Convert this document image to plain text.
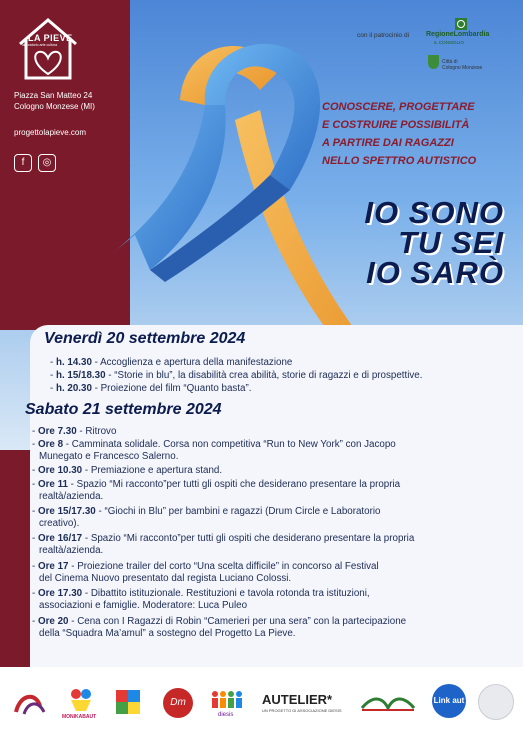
LA PIEVE
laboratorio arte cultura
Piazza San Matteo 24
Cologno Monzese (MI)
progettolapieve.com
f	◎
con il patrocinio di RegioneLombardia
IL CONSIGLIO
Città di
Cologno Monzese
CONOSCERE, PROGETTARE
E COSTRUIRE POSSIBILITÀ
A PARTIRE DAI RAGAZZI
NELLO SPETTRO AUTISTICO
IO SONO
TU SEI
IO SARÒ
Venerdì 20 settembre 2024
- h. 14.30 - Accoglienza e apertura della manifestazione
- h. 15/18.30 - “Storie in blu”, la disabilità crea abilità, storie di ragazzi e di prospettive.
- h. 20.30 - Proiezione del film “Quanto basta”.
Sabato 21 settembre 2024
- Ore 7.30 - Ritrovo
- Ore 8 - Camminata solidale. Corsa non competitiva “Run to New York” con Jacopo
Munegato e Francesco Salerno.
- Ore 10.30 - Premiazione e apertura stand.
- Ore 11 - Spazio “Mi racconto”per tutti gli ospiti che desiderano presentare la propria
realtà/azienda.
- Ore 15/17.30 - “Giochi in Blu” per bambini e ragazzi (Drum Circle e Laboratorio
creativo).
- Ore 16/17 - Spazio “Mi racconto”per tutti gli ospiti che desiderano presentare la propria
realtà/azienda.
- Ore 17 - Proiezione trailer del corto “Una scelta difficile” in concorso al Festival
del Cinema Nuovo presentato dal regista Luciano Colossi.
- Ore 17.30 - Dibattito istituzionale. Restituzioni e tavola rotonda tra istituzioni,
associazioni e famiglie. Moderatore: Luca Puleo
- Ore 20 - Cena con I Ragazzi di Robin “Camerieri per una sera” con la partecipazione
della “Squadra Ma’amul” a sostegno del Progetto La Pieve.
MONIKABAUT
Dm
diesis
AUTELIER*
UN PROGETTO DI ASSOCIAZIONE DIESIS
Link aut
